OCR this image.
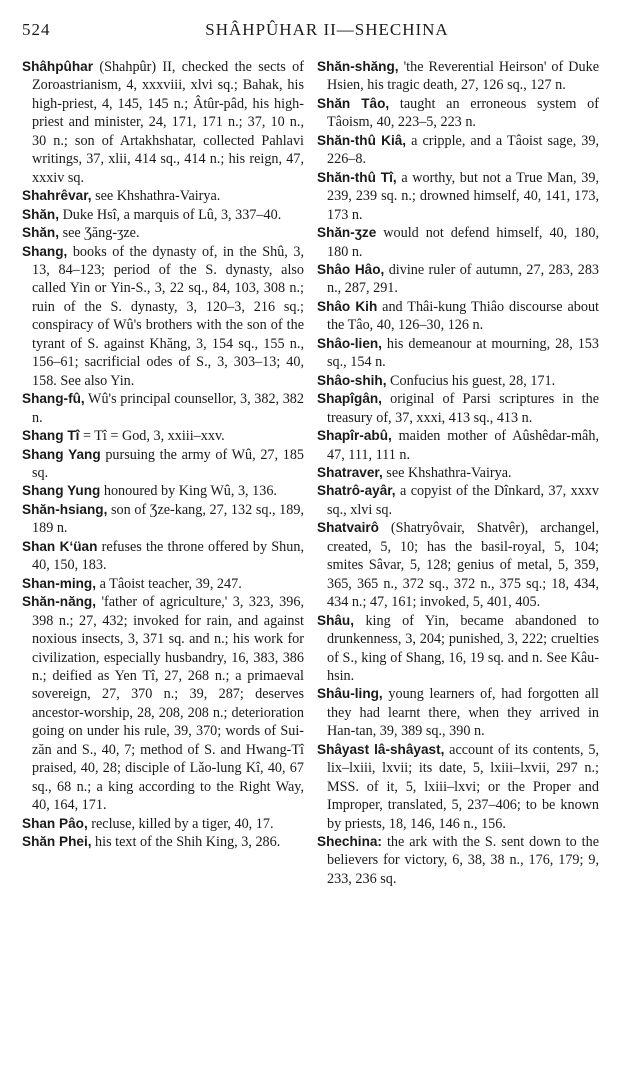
524	SHÂHPÛHAR II—SHECHINA

Shâhpûhar (Shahpûr) II, checked the sects of Zoroastrianism, 4, xxxviii, xlvi sq.; Bahak, his high-priest, 4, 145, 145 n.; Âtûr-pâd, his high-priest and minister, 24, 171, 171 n.; 37, 10 n., 30 n.; son of Artakhshatar, collected Pahlavi writings, 37, xlii, 414 sq., 414 n.; his reign, 47, xxxiv sq.

Shahrêvar, see Khshathra-Vairya.

Shăn, Duke Hsî, a marquis of Lû, 3, 337–40.

Shăn, see Ʒăng-ʒze.

Shang, books of the dynasty of, in the Shû, 3, 13, 84–123; period of the S. dynasty, also called Yin or Yin-S., 3, 22 sq., 84, 103, 308 n.; ruin of the S. dynasty, 3, 120–3, 216 sq.; conspiracy of Wû's brothers with the son of the tyrant of S. against Khăng, 3, 154 sq., 155 n., 156–61; sacrificial odes of S., 3, 303–13; 40, 158. See also Yin.

Shang-fû, Wû's principal counsellor, 3, 382, 382 n.

Shang Tî = Tî = God, 3, xxiii–xxv.

Shang Yang pursuing the army of Wû, 27, 185 sq.

Shang Yung honoured by King Wû, 3, 136.

Shăn-hsiang, son of Ʒze-kang, 27, 132 sq., 189, 189 n.

Shan Kʻüan refuses the throne offered by Shun, 40, 150, 183.

Shan-ming, a Tâoist teacher, 39, 247.

Shăn-năng, 'father of agriculture,' 3, 323, 396, 398 n.; 27, 432; invoked for rain, and against noxious insects, 3, 371 sq. and n.; his work for civilization, especially husbandry, 16, 383, 386 n.; deified as Yen Tî, 27, 268 n.; a primaeval sovereign, 27, 370 n.; 39, 287; deserves ancestor-worship, 28, 208, 208 n.; deterioration going on under his rule, 39, 370; words of Sui-zăn and S., 40, 7; method of S. and Hwang-Tî praised, 40, 28; disciple of Lǎo-lung Kî, 40, 67 sq., 68 n.; a king according to the Right Way, 40, 164, 171.

Shan Pâo, recluse, killed by a tiger, 40, 17.

Shăn Phei, his text of the Shih King, 3, 286.

Shăn-shăng, 'the Reverential Heirson' of Duke Hsien, his tragic death, 27, 126 sq., 127 n.

Shăn Tâo, taught an erroneous system of Tâoism, 40, 223–5, 223 n.

Shăn-thû Kiâ, a cripple, and a Tâoist sage, 39, 226–8.

Shăn-thû Tî, a worthy, but not a True Man, 39, 239, 239 sq. n.; drowned himself, 40, 141, 173, 173 n.

Shăn-ʒze would not defend himself, 40, 180, 180 n.

Shâo Hâo, divine ruler of autumn, 27, 283, 283 n., 287, 291.

Shâo Kih and Thâi-kung Thiâo discourse about the Tâo, 40, 126–30, 126 n.

Shâo-lien, his demeanour at mourning, 28, 153 sq., 154 n.

Shâo-shih, Confucius his guest, 28, 171.

Shapîgân, original of Parsi scriptures in the treasury of, 37, xxxi, 413 sq., 413 n.

Shapîr-abû, maiden mother of Aûshêdar-mâh, 47, 111, 111 n.

Shatraver, see Khshathra-Vairya.

Shatrô-ayâr, a copyist of the Dînkard, 37, xxxv sq., xlvi sq.

Shatvairô (Shatryôvair, Shatvêr), archangel, created, 5, 10; has the basil-royal, 5, 104; smites Sâvar, 5, 128; genius of metal, 5, 359, 365, 365 n., 372 sq., 372 n., 375 sq.; 18, 434, 434 n.; 47, 161; invoked, 5, 401, 405.

Shâu, king of Yin, became abandoned to drunkenness, 3, 204; punished, 3, 222; cruelties of S., king of Shang, 16, 19 sq. and n. See Kâu-hsin.

Shâu-ling, young learners of, had forgotten all they had learnt there, when they arrived in Han-tan, 39, 389 sq., 390 n.

Shâyast lâ-shâyast, account of its contents, 5, lix–lxiii, lxvii; its date, 5, lxiii–lxvii, 297 n.; MSS. of it, 5, lxiii–lxvi; or the Proper and Improper, translated, 5, 237–406; to be known by priests, 18, 146, 146 n., 156.

Shechina: the ark with the S. sent down to the believers for victory, 6, 38, 38 n., 176, 179; 9, 233, 236 sq.
